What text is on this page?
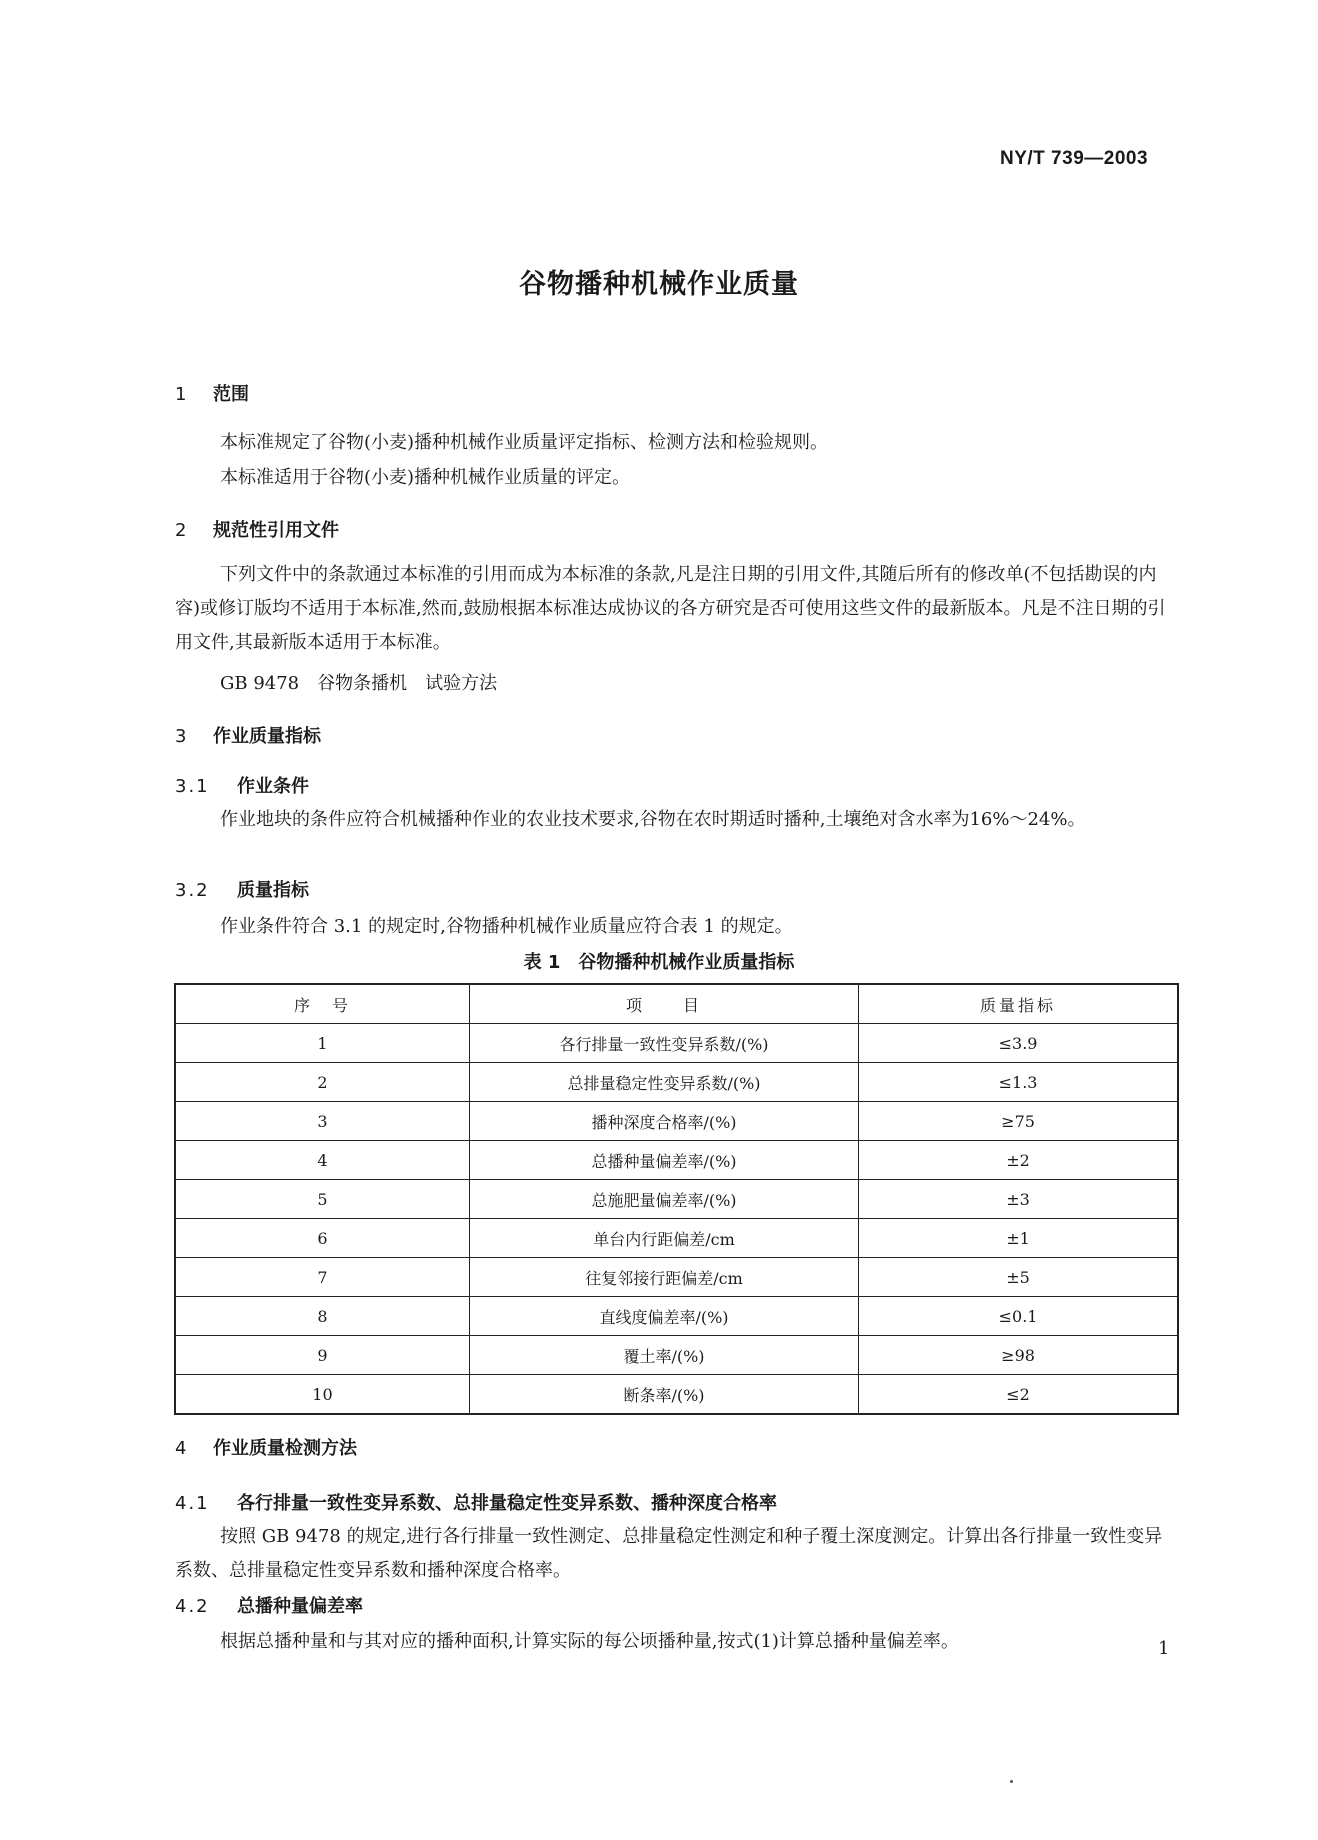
NY/T 739—2003
谷物播种机械作业质量
1 范围
本标准规定了谷物(小麦)播种机械作业质量评定指标、检测方法和检验规则。
本标准适用于谷物(小麦)播种机械作业质量的评定。
2 规范性引用文件
下列文件中的条款通过本标准的引用而成为本标准的条款,凡是注日期的引用文件,其随后所有的修改单(不包括勘误的内容)或修订版均不适用于本标准,然而,鼓励根据本标准达成协议的各方研究是否可使用这些文件的最新版本。凡是不注日期的引用文件,其最新版本适用于本标准。
GB 9478　谷物条播机　试验方法
3 作业质量指标
3.1 作业条件
作业地块的条件应符合机械播种作业的农业技术要求,谷物在农时期适时播种,土壤绝对含水率为16%～24%。
3.2 质量指标
作业条件符合 3.1 的规定时,谷物播种机械作业质量应符合表 1 的规定。
表 1　谷物播种机械作业质量指标
序　号	项　　目	质量指标
1	各行排量一致性变异系数/(%)	≤3.9
2	总排量稳定性变异系数/(%)	≤1.3
3	播种深度合格率/(%)	≥75
4	总播种量偏差率/(%)	±2
5	总施肥量偏差率/(%)	±3
6	单台内行距偏差/cm	±1
7	往复邻接行距偏差/cm	±5
8	直线度偏差率/(%)	≤0.1
9	覆土率/(%)	≥98
10	断条率/(%)	≤2
4 作业质量检测方法
4.1 各行排量一致性变异系数、总排量稳定性变异系数、播种深度合格率
按照 GB 9478 的规定,进行各行排量一致性测定、总排量稳定性测定和种子覆土深度测定。计算出各行排量一致性变异系数、总排量稳定性变异系数和播种深度合格率。
4.2 总播种量偏差率
根据总播种量和与其对应的播种面积,计算实际的每公顷播种量,按式(1)计算总播种量偏差率。	1
